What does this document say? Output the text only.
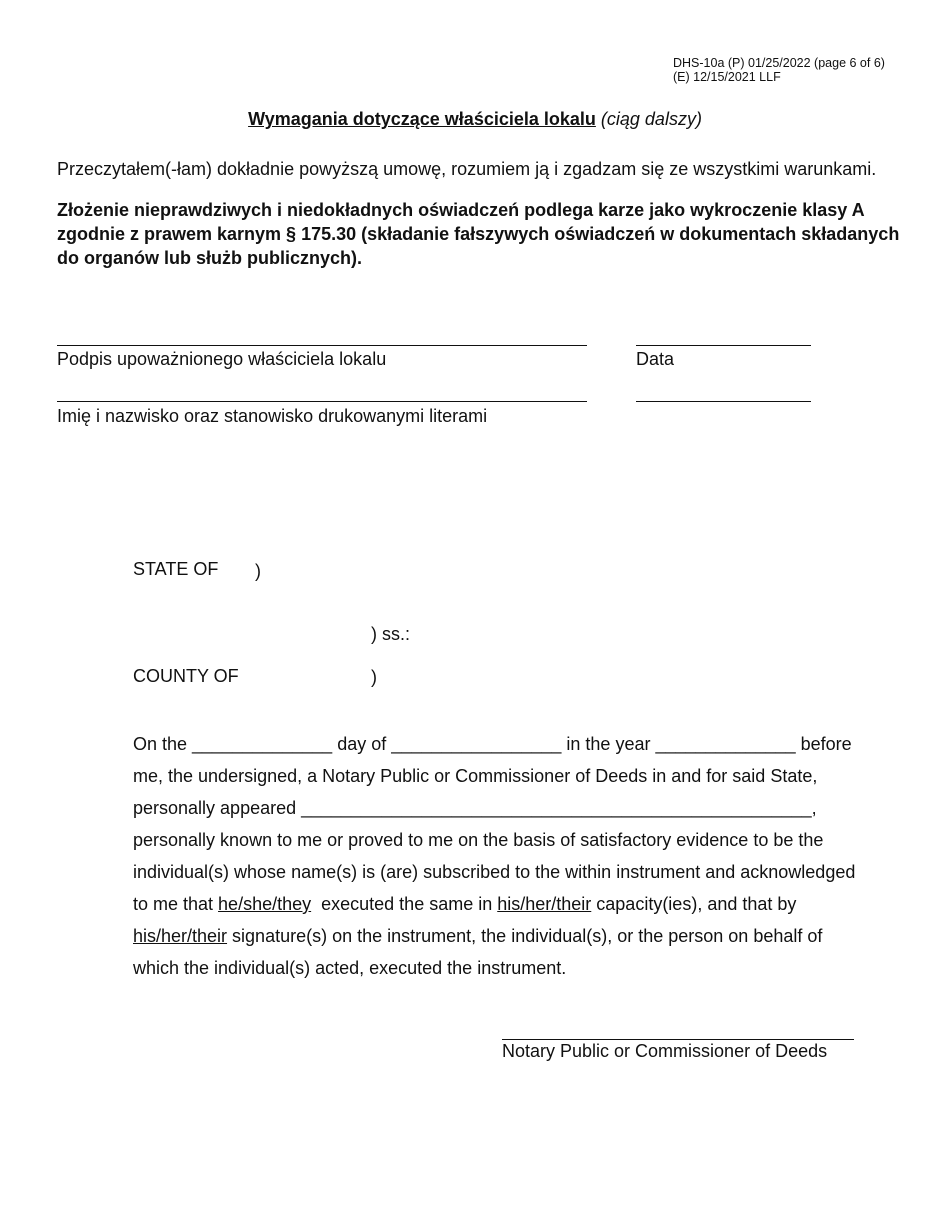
DHS-10a (P) 01/25/2022 (page 6 of 6)
(E) 12/15/2021 LLF
Wymagania dotyczące właściciela lokalu (ciąg dalszy)
Przeczytałem(-łam) dokładnie powyższą umowę, rozumiem ją i zgadzam się ze wszystkimi warunkami.
Złożenie nieprawdziwych i niedokładnych oświadczeń podlega karze jako wykroczenie klasy A zgodnie z prawem karnym § 175.30 (składanie fałszywych oświadczeń w dokumentach składanych do organów lub służb publicznych).
Podpis upoważnionego właściciela lokalu	Data
Imię i nazwisko oraz stanowisko drukowanymi literami
STATE OF )
) ss.:
COUNTY OF	)
On the ______________ day of _________________ in the year ______________ before
me, the undersigned, a Notary Public or Commissioner of Deeds in and for said State,
personally appeared ___________________________________________________,
personally known to me or proved to me on the basis of satisfactory evidence to be the
individual(s) whose name(s) is (are) subscribed to the within instrument and acknowledged
to me that he/she/they  executed the same in his/her/their capacity(ies), and that by
his/her/their signature(s) on the instrument, the individual(s), or the person on behalf of
which the individual(s) acted, executed the instrument.
Notary Public or Commissioner of Deeds
